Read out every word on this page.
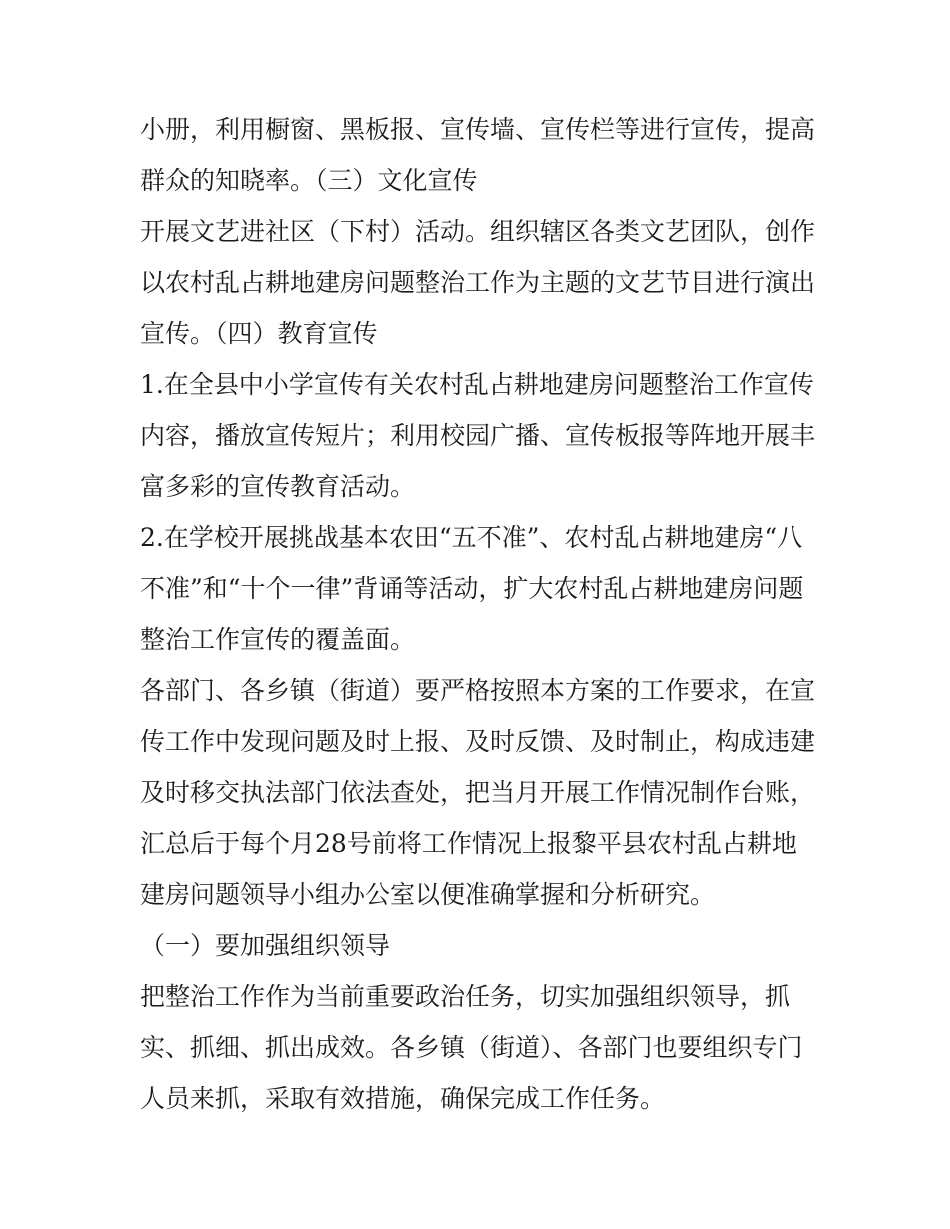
小册，利用橱窗、黑板报、宣传墙、宣传栏等进行宣传，提高
群众的知晓率。（三）文化宣传
开展文艺进社区（下村）活动。组织辖区各类文艺团队，创作
以农村乱占耕地建房问题整治工作为主题的文艺节目进行演出
宣传。（四）教育宣传
1.在全县中小学宣传有关农村乱占耕地建房问题整治工作宣传
内容，播放宣传短片；利用校园广播、宣传板报等阵地开展丰
富多彩的宣传教育活动。
2.在学校开展挑战基本农田“五不准”、农村乱占耕地建房“八
不准”和“十个一律”背诵等活动，扩大农村乱占耕地建房问题
整治工作宣传的覆盖面。
各部门、各乡镇（街道）要严格按照本方案的工作要求，在宣
传工作中发现问题及时上报、及时反馈、及时制止，构成违建
及时移交执法部门依法查处，把当月开展工作情况制作台账，
汇总后于每个月28号前将工作情况上报黎平县农村乱占耕地
建房问题领导小组办公室以便准确掌握和分析研究。
（一）要加强组织领导
把整治工作作为当前重要政治任务，切实加强组织领导，抓
实、抓细、抓出成效。各乡镇（街道）、各部门也要组织专门
人员来抓，采取有效措施，确保完成工作任务。
